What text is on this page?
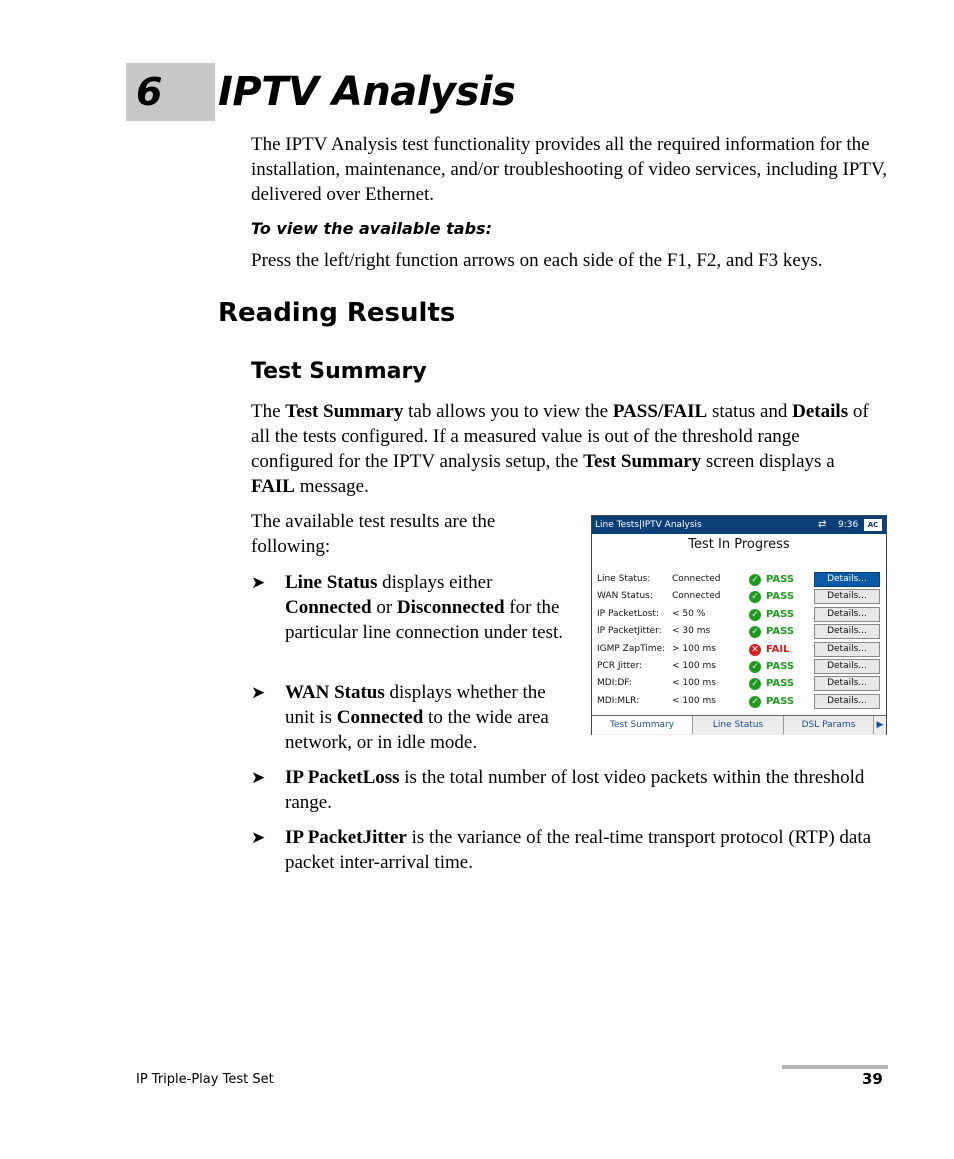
6 IPTV Analysis
The IPTV Analysis test functionality provides all the required information for the installation, maintenance, and/or troubleshooting of video services, including IPTV, delivered over Ethernet.
To view the available tabs:
Press the left/right function arrows on each side of the F1, F2, and F3 keys.
Reading Results
Test Summary
The Test Summary tab allows you to view the PASS/FAIL status and Details of all the tests configured. If a measured value is out of the threshold range configured for the IPTV analysis setup, the Test Summary screen displays a FAIL message.
The available test results are the following:
➤ Line Status displays either Connected or Disconnected for the particular line connection under test.
➤ WAN Status displays whether the unit is Connected to the wide area network, or in idle mode.
➤ IP PacketLoss is the total number of lost video packets within the threshold range.
➤ IP PacketJitter is the variance of the real-time transport protocol (RTP) data packet inter-arrival time.
Line Tests|IPTV Analysis	⇄ 9:36	AC
Test In Progress
Line Status: Connected	✓ PASS	Details...
WAN Status: Connected	✓ PASS	Details...
IP PacketLost: < 50 %	✓ PASS	Details...
IP PacketJitter: < 30 ms	✓ PASS	Details...
IGMP ZapTime: > 100 ms	✕ FAIL	Details...
PCR Jitter:	< 100 ms	✓ PASS	Details...
MDI:DF:	< 100 ms	✓ PASS	Details...
MDI:MLR:	< 100 ms	✓ PASS	Details...
Test Summary	Line Status	DSL Params	▶
IP Triple-Play Test Set	39
